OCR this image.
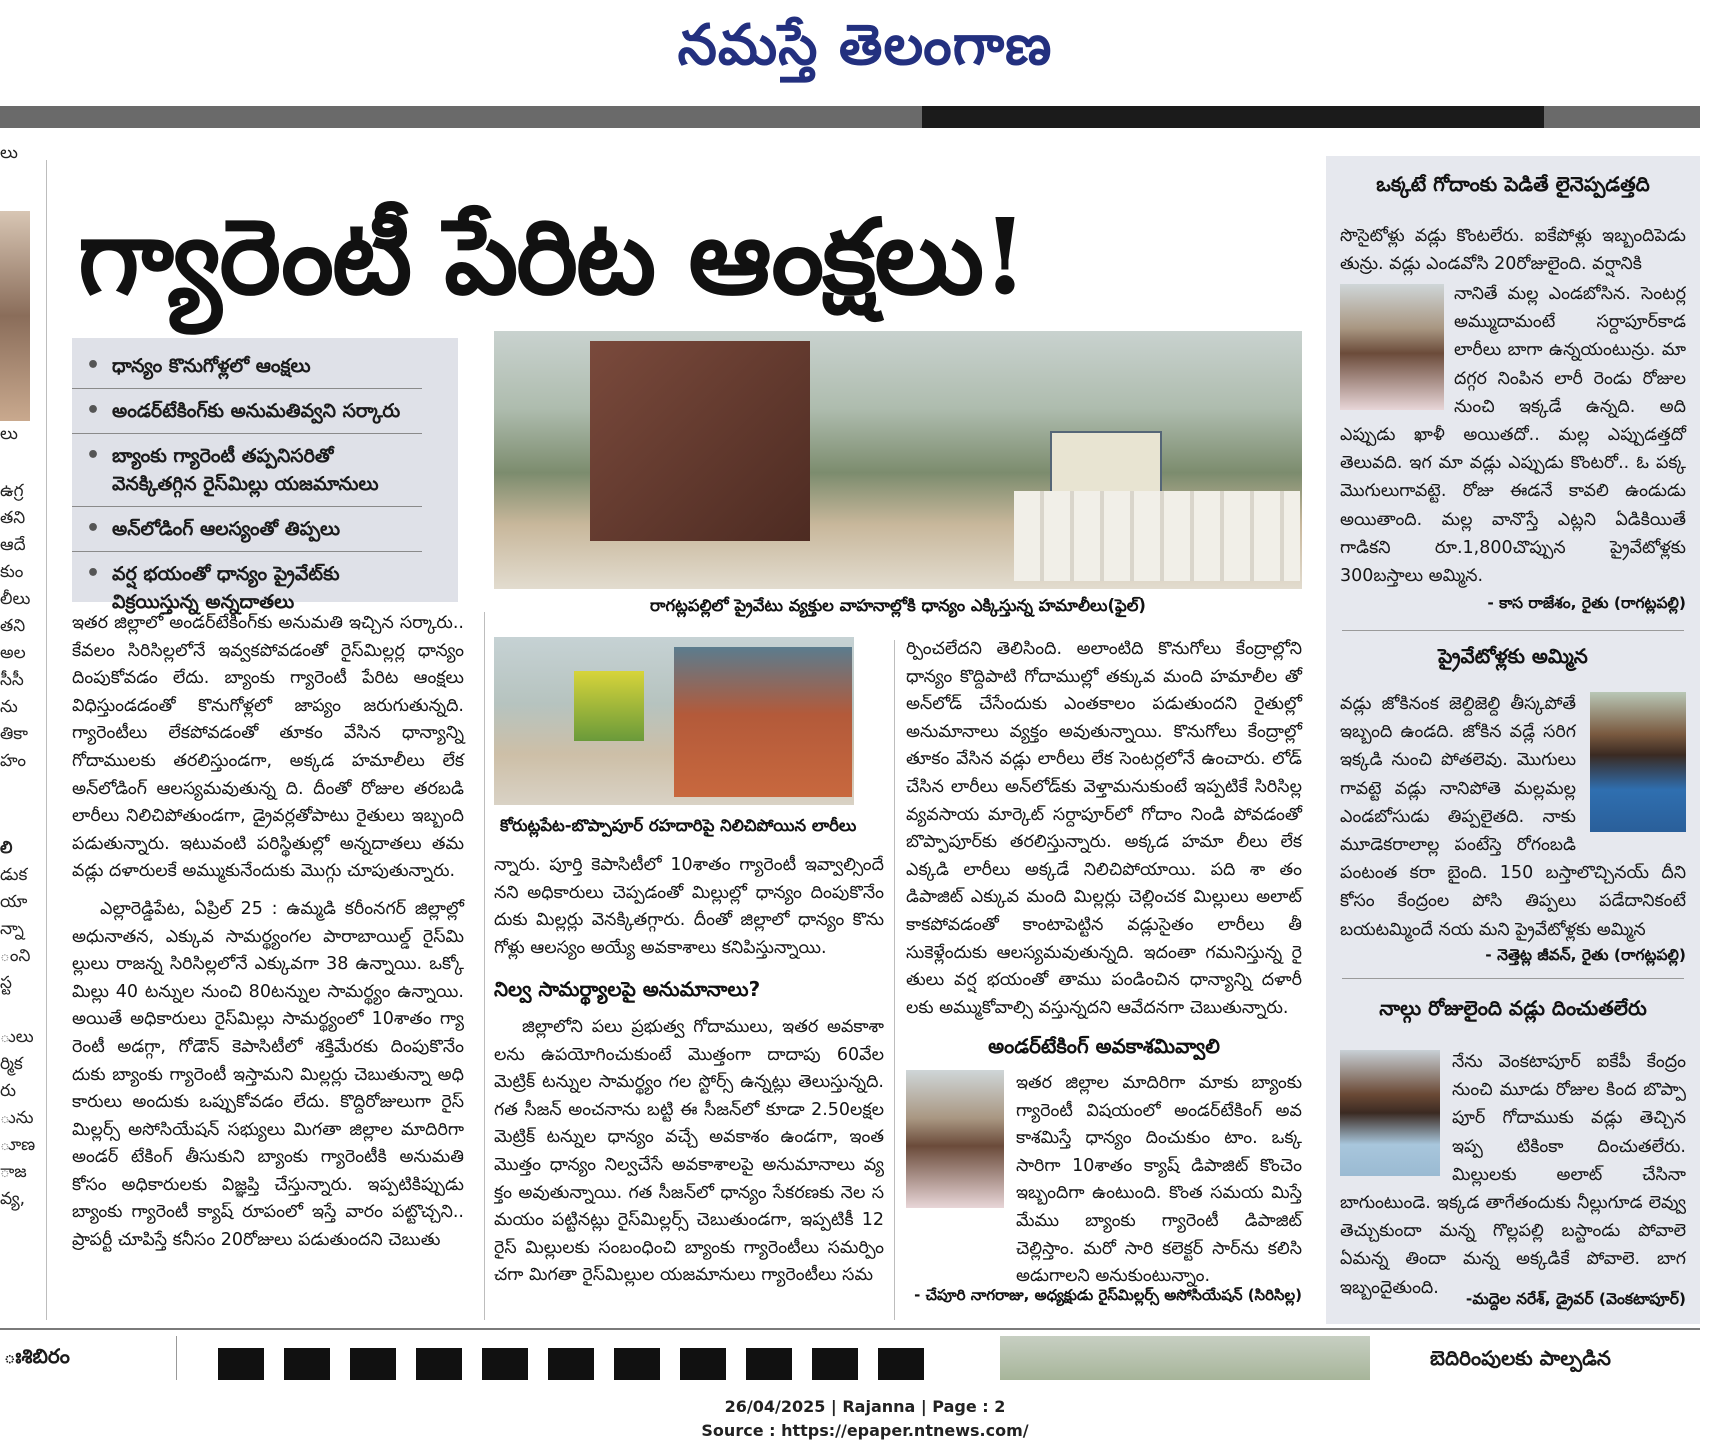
నమస్తే తెలంగాణ
లు
లు
ఉగ్ర
తని
ఆదే
కుం
లీలు
తని
అల
సీసీ
ను
తికా
హం
లి
డుక
యా
న్నా
ంని
స్ట
ులు
ర్మిక
రు
ును
ూణ
ాజ
వ్య,
గ్యారెంటీ పేరిట ఆంక్షలు!
• ధాన్యం కొనుగోళ్లలో ఆంక్షలు
• అండర్‌టేకింగ్‌కు అనుమతివ్వని సర్కారు
• బ్యాంకు గ్యారెంటీ తప్పనిసరితో వెనక్కితగ్గిన రైస్‌మిల్లు యజమానులు
• అన్‌లోడింగ్ ఆలస్యంతో తిప్పలు
• వర్ష భయంతో ధాన్యం ప్రైవేట్‌కు విక్రయిస్తున్న అన్నదాతలు
ఇతర జిల్లాలో అండర్‌టేకింగ్‌కు అనుమతి ఇచ్చిన సర్కారు.. కేవలం సిరిసిల్లలోనే ఇవ్వకపోవడంతో రైస్‌మిల్లర్ల ధాన్యం దింపుకోవడం లేదు. బ్యాంకు గ్యారెంటీ పేరిట ఆంక్షలు విధిస్తుండడంతో కొనుగోళ్లలో జాప్యం జరుగుతున్నది. గ్యారెంటీలు లేకపోవడంతో తూకం వేసిన ధాన్యాన్ని గోదాములకు తరలిస్తుండగా, అక్కడ హమాలీలు లేక అన్‌లోడింగ్ ఆలస్యమవుతున్న ది. దీంతో రోజుల తరబడి లారీలు నిలిచిపోతుండగా, డ్రైవర్లతోపాటు రైతులు ఇబ్బంది పడుతున్నారు. ఇటువంటి పరిస్థితుల్లో అన్నదాతలు తమ వడ్లు దళారులకే అమ్ముకునేందుకు మొగ్గు చూపుతున్నారు.
ఎల్లారెడ్డిపేట, ఏప్రిల్ 25 : ఉమ్మడి కరీంనగర్ జిల్లాల్లో అధునాతన, ఎక్కువ సామర్థ్యంగల పారాబాయిల్డ్ రైస్‌మి ల్లులు రాజన్న సిరిసిల్లలోనే ఎక్కువగా 38 ఉన్నాయి. ఒక్కో మిల్లు 40 టన్నుల నుంచి 80టన్నుల సామర్థ్యం ఉన్నాయి. అయితే అధికారులు రైస్‌మిల్లు సామర్థ్యంలో 10శాతం గ్యా రెంటీ అడగ్గా, గోడౌన్ కెపాసిటీలో శక్తిమేరకు దింపుకొనేం దుకు బ్యాంకు గ్యారెంటీ ఇస్తామని మిల్లర్లు చెబుతున్నా అధి కారులు అందుకు ఒప్పుకోవడం లేదు. కొద్దిరోజులుగా రైస్ మిల్లర్స్ అసోసియేషన్ సభ్యులు మిగతా జిల్లాల మాదిరిగా అండర్ టేకింగ్ తీసుకుని బ్యాంకు గ్యారెంటీకి అనుమతి కోసం అధికారులకు విజ్ఞప్తి చేస్తున్నారు. ఇప్పటికిప్పుడు బ్యాంకు గ్యారెంటీ క్యాష్ రూపంలో ఇస్తే వారం పట్టొచ్చని.. ప్రాపర్టీ చూపిస్తే కనీసం 20రోజులు పడుతుందని చెబుతు
రాగట్లపల్లిలో ప్రైవేటు వ్యక్తుల వాహనాల్లోకి ధాన్యం ఎక్కిస్తున్న హమాలీలు(ఫైల్)
కోరుట్లపేట-బొప్పాపూర్ రహదారిపై నిలిచిపోయిన లారీలు
న్నారు. పూర్తి కెపాసిటీలో 10శాతం గ్యారెంటీ ఇవ్వాల్సిందే నని అధికారులు చెప్పడంతో మిల్లుల్లో ధాన్యం దింపుకొనేం దుకు మిల్లర్లు వెనక్కితగ్గారు. దీంతో జిల్లాలో ధాన్యం కొను గోళ్లు ఆలస్యం అయ్యే అవకాశాలు కనిపిస్తున్నాయి.
నిల్వ సామర్థ్యాలపై అనుమానాలు?
జిల్లాలోని పలు ప్రభుత్వ గోదాములు, ఇతర అవకాశా లను ఉపయోగించుకుంటే మొత్తంగా దాదాపు 60వేల మెట్రిక్ టన్నుల సామర్థ్యం గల స్టోర్స్ ఉన్నట్లు తెలుస్తున్నది. గత సీజన్ అంచనాను బట్టి ఈ సీజన్‌లో కూడా 2.50లక్షల మెట్రిక్ టన్నుల ధాన్యం వచ్చే అవకాశం ఉండగా, ఇంత మొత్తం ధాన్యం నిల్వచేసే అవకాశాలపై అనుమానాలు వ్య క్తం అవుతున్నాయి. గత సీజన్‌లో ధాన్యం సేకరణకు నెల స మయం పట్టినట్లు రైస్‌మిల్లర్స్ చెబుతుండగా, ఇప్పటికీ 12 రైస్ మిల్లులకు సంబంధించి బ్యాంకు గ్యారెంటీలు సమర్పిం చగా మిగతా రైస్‌మిల్లుల యజమానులు గ్యారెంటీలు సమ
ర్పించలేదని తెలిసింది. అలాంటిది కొనుగోలు కేంద్రాల్లోని ధాన్యం కొద్దిపాటి గోదాముల్లో తక్కువ మంది హమాలీల తో అన్‌లోడ్ చేసేందుకు ఎంతకాలం పడుతుందని రైతుల్లో అనుమానాలు వ్యక్తం అవుతున్నాయి. కొనుగోలు కేంద్రాల్లో తూకం వేసిన వడ్లు లారీలు లేక సెంటర్లలోనే ఉంచారు. లోడ్ చేసిన లారీలు అన్‌లోడ్‌కు వెళ్తామనుకుంటే ఇప్పటికే సిరిసిల్ల వ్యవసాయ మార్కెట్ సర్దాపూర్‌లో గోదాం నిండి పోవడంతో బొప్పాపూర్‌కు తరలిస్తున్నారు. అక్కడ హమా లీలు లేక ఎక్కడి లారీలు అక్కడే నిలిచిపోయాయి. పది శా తం డిపాజిట్ ఎక్కువ మంది మిల్లర్లు చెల్లించక మిల్లులు అలాట్ కాకపోవడంతో కాంటాపెట్టిన వడ్లుసైతం లారీలు తీ సుకెళ్లేందుకు ఆలస్యమవుతున్నది. ఇదంతా గమనిస్తున్న రై తులు వర్ష భయంతో తాము పండించిన ధాన్యాన్ని దళారీ లకు అమ్ముకోవాల్సి వస్తున్నదని ఆవేదనగా చెబుతున్నారు.
అండర్‌టేకింగ్ అవకాశమివ్వాలి
ఇతర జిల్లాల మాదిరిగా మాకు బ్యాంకు గ్యారెంటీ విషయంలో అండర్‌టేకింగ్ అవ కాశమిస్తే ధాన్యం దించుకుం టాం. ఒక్క సారిగా 10శాతం క్యాష్ డిపాజిట్ కొంచెం ఇబ్బందిగా ఉంటుంది. కొంత సమయ మిస్తే మేము బ్యాంకు గ్యారెంటీ డిపాజిట్ చెల్లిస్తాం. మరో సారి కలెక్టర్ సార్‌ను కలిసి అడుగాలని అనుకుంటున్నాం.
- చేపూరి నాగరాజు, అధ్యక్షుడు రైస్‌మిల్లర్స్ అసోసియేషన్ (సిరిసిల్ల)
ఒక్కటే గోదాంకు పెడితే లైనెప్పడత్తది
సొసైటోళ్లు వడ్లు కొంటలేరు. ఐకేపోళ్లు ఇబ్బందిపెడు తున్రు. వడ్లు ఎండవోసి 20రోజులైంది. వర్షానికి
నానితే మల్ల ఎండబోసిన. సెంటర్ల అమ్ముదామంటే సర్దాపూర్‌కాడ లారీలు బాగా ఉన్నయంటున్రు. మా దగ్గర నింపిన లారీ రెండు రోజుల నుంచి ఇక్కడే ఉన్నది. అది ఎప్పుడు ఖాళీ అయితదో.. మల్ల ఎప్పుడత్తదో తెలువది. ఇగ మా వడ్లు ఎప్పుడు కొంటరో.. ఓ పక్క మొగులుగావట్టె. రోజు ఈడనే కావలి ఉండుడు అయితాంది. మల్ల వానొస్తే ఎట్లని ఏడికియితే గాడికని రూ.1,800చొప్పున ప్రైవేటోళ్లకు 300బస్తాలు అమ్మిన.
- కాస రాజేశం, రైతు (రాగట్లపల్లి)
ప్రైవేటోళ్లకు అమ్మిన
వడ్లు జోకినంక జెల్దిజెల్ది తీస్కపోతే ఇబ్బంది ఉండది. జోకిన వడ్లే సరిగ ఇక్కడి నుంచి పోతలెవు. మొగులు గావట్టె వడ్లు నానిపోతె మల్లమల్ల ఎండబోసుడు తిప్పలైతది. నాకు మూడెకరాలాల్ల పంటేస్తె రోగంబడి పంటంత కరా బైంది. 150 బస్తాలొచ్చినయ్ దీని కోసం కేంద్రంల పోసి తిప్పలు పడేదానికంటే బయటమ్మిందే నయ మని ప్రైవేటోళ్లకు అమ్మిన
- నెత్తెట్ల జీవన్, రైతు (రాగట్లపల్లి)
నాల్గు రోజులైంది వడ్లు దించుతలేరు
నేను వెంకటాపూర్ ఐకేపీ కేంద్రం నుంచి మూడు రోజుల కింద బొప్పా పూర్ గోదాముకు వడ్లు తెచ్చిన ఇప్ప టికింకా దించుతలేరు. మిల్లులకు అలాట్ చేసినా బాగుంటుండె. ఇక్కడ తాగేతందుకు నీల్లుగూడ లెవ్వు తెచ్చుకుందా మన్న గొల్లపల్లి బస్టాండు పోవాలె ఏమన్న తిందా మన్న అక్కడికే పోవాలె. బాగ ఇబ్బందైతుంది.
-మద్దెల నరేశ్, డ్రైవర్ (వెంకటాపూర్)
ఃశిబిరం	బెదిరింపులకు పాల్పడిన
26/04/2025 | Rajanna | Page : 2
Source : https://epaper.ntnews.com/
